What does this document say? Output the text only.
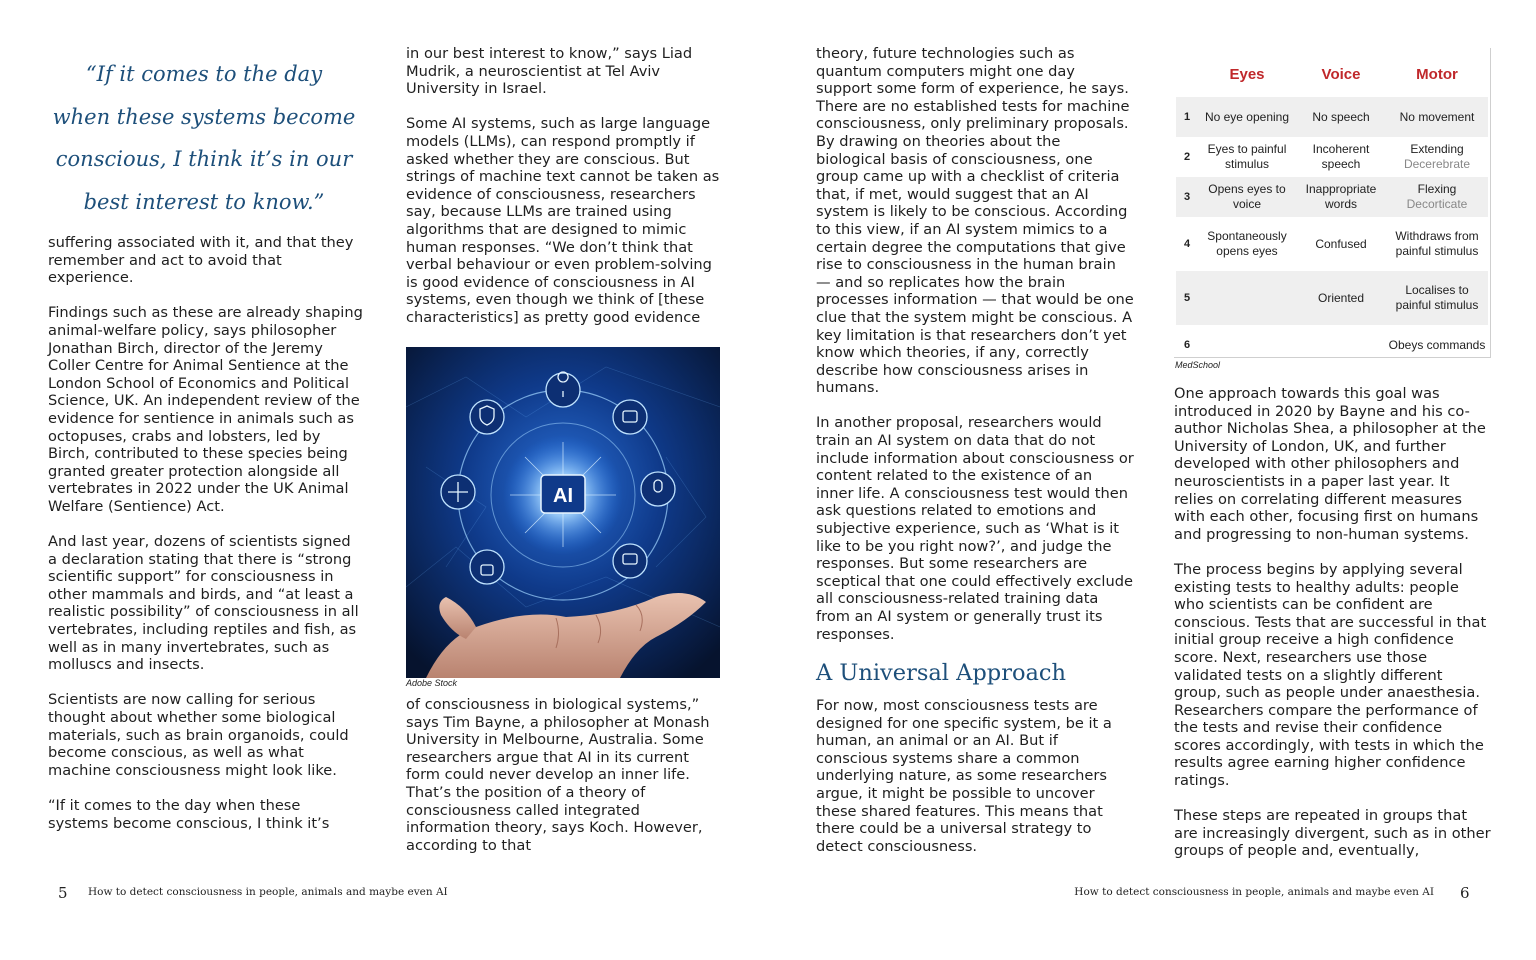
“If it comes to the day
when these systems become
conscious, I think it’s in our
best interest to know.”

suffering associated with it, and that they remember and act to avoid that experience.

Findings such as these are already shaping animal-welfare policy, says philosopher Jonathan Birch, director of the Jeremy Coller Centre for Animal Sentience at the London School of Economics and Political Science, UK. An independent review of the evidence for sentience in animals such as octopuses, crabs and lobsters, led by Birch, contributed to these species being granted greater protection alongside all vertebrates in 2022 under the UK Animal Welfare (Sentience) Act.

And last year, dozens of scientists signed a declaration stating that there is “strong scientific support” for consciousness in other mammals and birds, and “at least a realistic possibility” of consciousness in all vertebrates, including reptiles and fish, as well as in many invertebrates, such as molluscs and insects.

Scientists are now calling for serious thought about whether some biological materials, such as brain organoids, could become conscious, as well as what machine consciousness might look like.

“If it comes to the day when these systems become conscious, I think it’s

in our best interest to know,” says Liad Mudrik, a neuroscientist at Tel Aviv University in Israel.

Some AI systems, such as large language models (LLMs), can respond promptly if asked whether they are conscious. But strings of machine text cannot be taken as evidence of consciousness, researchers say, because LLMs are trained using algorithms that are designed to mimic human responses. “We don’t think that verbal behaviour or even problem-solving is good evidence of consciousness in AI systems, even though we think of [these characteristics] as pretty good evidence

AI
Adobe Stock

of consciousness in biological systems,” says Tim Bayne, a philosopher at Monash University in Melbourne, Australia. Some researchers argue that AI in its current form could never develop an inner life. That’s the position of a theory of consciousness called integrated information theory, says Koch. However, according to that

theory, future technologies such as quantum computers might one day support some form of experience, he says. There are no established tests for machine consciousness, only preliminary proposals. By drawing on theories about the biological basis of consciousness, one group came up with a checklist of criteria that, if met, would suggest that an AI system is likely to be conscious. According to this view, if an AI system mimics to a certain degree the computations that give rise to consciousness in the human brain — and so replicates how the brain processes information — that would be one clue that the system might be conscious. A key limitation is that researchers don’t yet know which theories, if any, correctly describe how consciousness arises in humans.

In another proposal, researchers would train an AI system on data that do not include information about consciousness or content related to the existence of an inner life. A consciousness test would then ask questions related to emotions and subjective experience, such as ‘What is it like to be you right now?’, and judge the responses. But some researchers are sceptical that one could effectively exclude all consciousness-related training data from an AI system or generally trust its responses.

A Universal Approach

For now, most consciousness tests are designed for one specific system, be it a human, an animal or an AI. But if conscious systems share a common underlying nature, as some researchers argue, it might be possible to uncover these shared features. This means that there could be a universal strategy to detect consciousness.

	Eyes	Voice	Motor
1	No eye opening	No speech	No movement
2	Eyes to painful stimulus	Incoherent speech	Extending
Decerebrate

3	Opens eyes to voice	Inappropriate words	Flexing
Decorticate

4	Spontaneously opens eyes	Confused	Withdraws from painful stimulus
5		Oriented	Localises to painful stimulus
6			Obeys commands
MedSchool

One approach towards this goal was introduced in 2020 by Bayne and his co-author Nicholas Shea, a philosopher at the University of London, UK, and further developed with other philosophers and neuroscientists in a paper last year. It relies on correlating different measures with each other, focusing first on humans and progressing to non-human systems.

The process begins by applying several existing tests to healthy adults: people who scientists can be confident are conscious. Tests that are successful in that initial group receive a high confidence score. Next, researchers use those validated tests on a slightly different group, such as people under anaesthesia. Researchers compare the performance of the tests and revise their confidence scores accordingly, with tests in which the results agree earning higher confidence ratings.

These steps are repeated in groups that are increasingly divergent, such as in other groups of people and, eventually,

5 How to detect consciousness in people, animals and maybe even AI	How to detect consciousness in people, animals and maybe even AI 6
